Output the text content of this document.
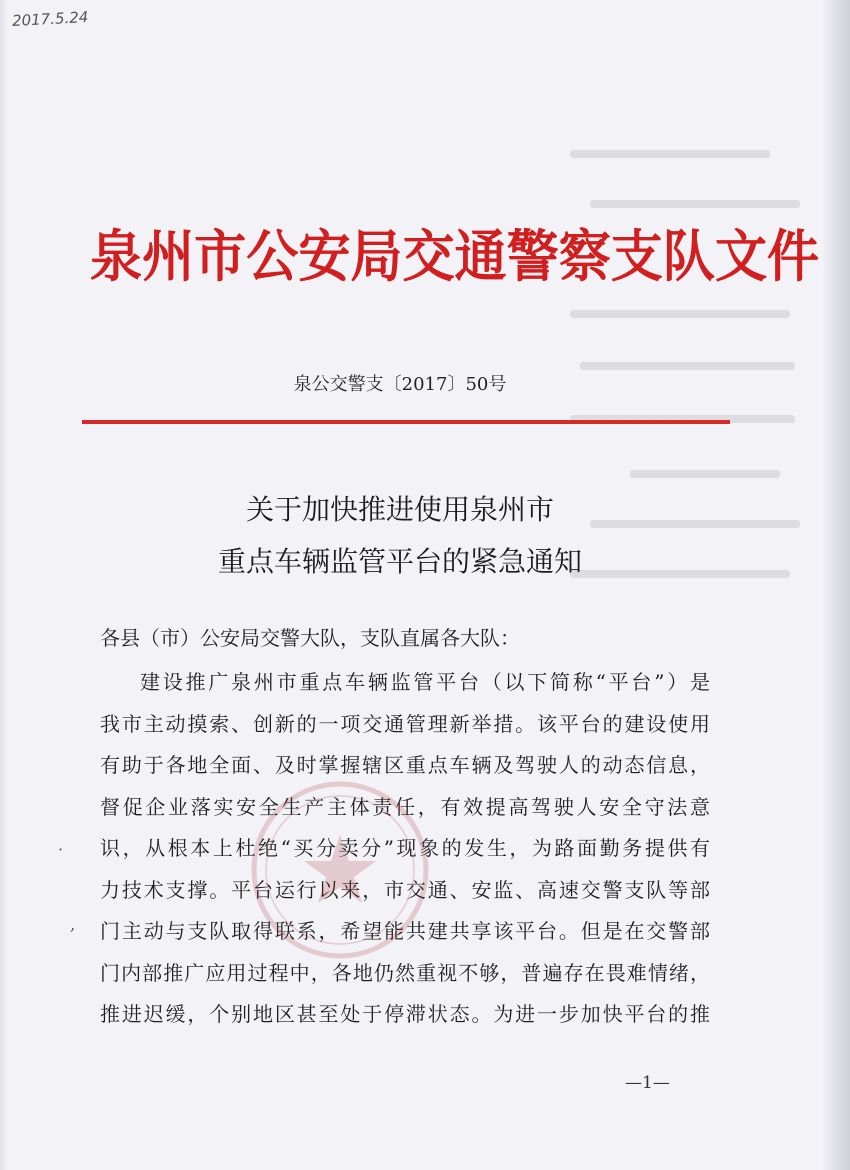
2017.5.24
泉州市公安局交通警察支队文件
泉公交警支〔2017〕50号
关于加快推进使用泉州市
重点车辆监管平台的紧急通知
各县（市）公安局交警大队，支队直属各大队：
建设推广泉州市重点车辆监管平台（以下简称“平台”）是
我市主动摸索、创新的一项交通管理新举措。该平台的建设使用
有助于各地全面、及时掌握辖区重点车辆及驾驶人的动态信息，
督促企业落实安全生产主体责任，有效提高驾驶人安全守法意
识，从根本上杜绝“买分卖分”现象的发生，为路面勤务提供有
力技术支撑。平台运行以来，市交通、安监、高速交警支队等部
门主动与支队取得联系，希望能共建共享该平台。但是在交警部
门内部推广应用过程中，各地仍然重视不够，普遍存在畏难情绪，
推进迟缓，个别地区甚至处于停滞状态。为进一步加快平台的推
—1—
·
‚
